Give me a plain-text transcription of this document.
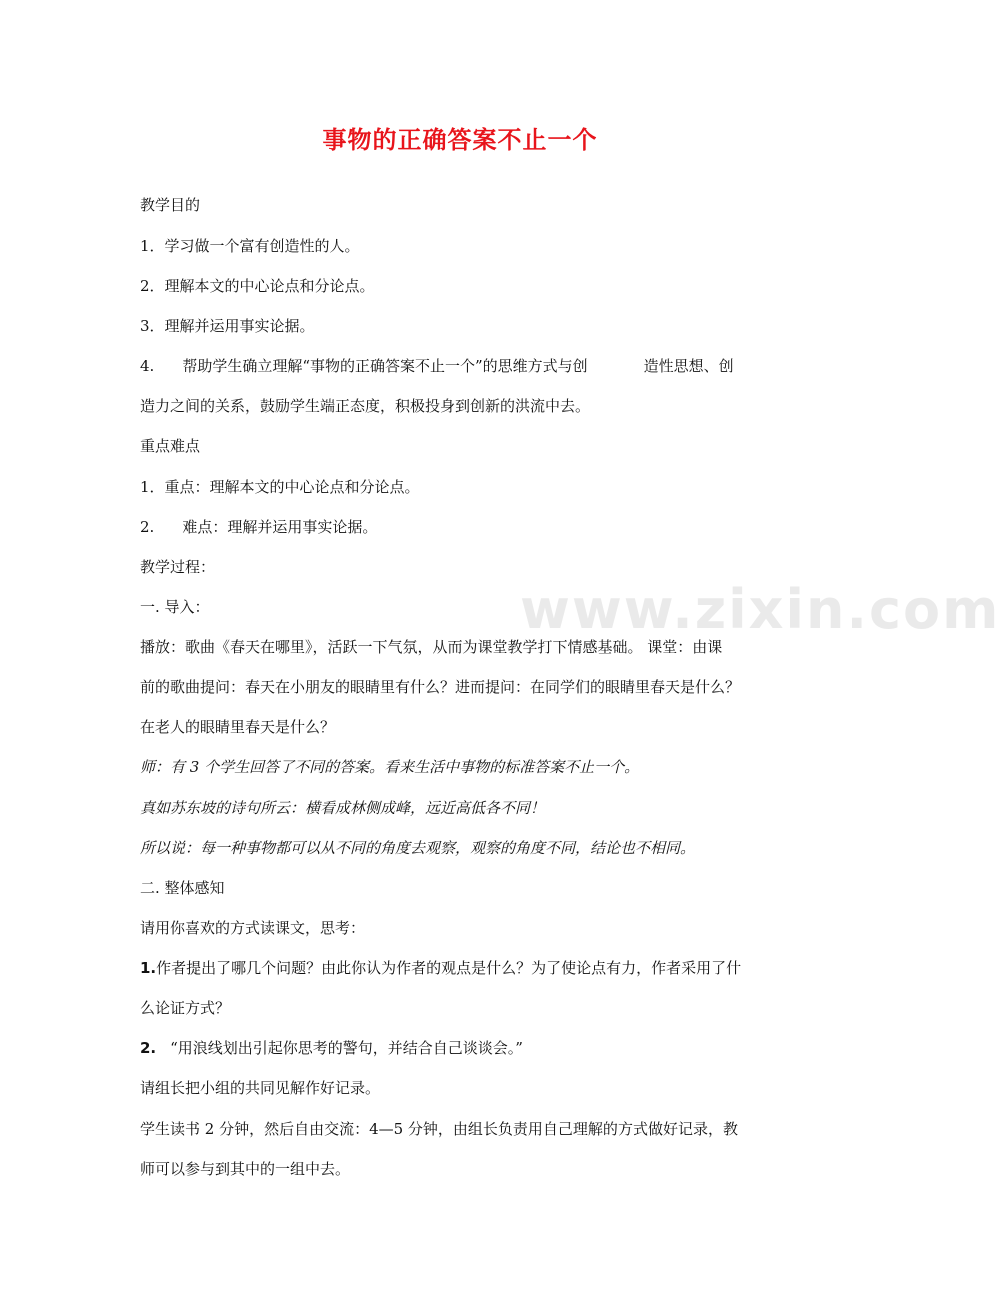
事物的正确答案不止一个
www.zixin.com
教学目的
1．学习做一个富有创造性的人。
2．理解本文的中心论点和分论点。
3．理解并运用事实论据。
4. 帮助学生确立理解“事物的正确答案不止一个”的思维方式与创	造性思想、创
造力之间的关系，鼓励学生端正态度，积极投身到创新的洪流中去。
重点难点
1．重点：理解本文的中心论点和分论点。
2. 难点：理解并运用事实论据。
教学过程：
一. 导入：
播放：歌曲《春天在哪里》，活跃一下气氛，从而为课堂教学打下情感基础。 课堂：由课
前的歌曲提问：春天在小朋友的眼睛里有什么？进而提问：在同学们的眼睛里春天是什么？
在老人的眼睛里春天是什么？
师：有 3 个学生回答了不同的答案。看来生活中事物的标准答案不止一个。
真如苏东坡的诗句所云：横看成林侧成峰，远近高低各不同！
所以说：每一种事物都可以从不同的角度去观察，观察的角度不同，结论也不相同。
二. 整体感知
请用你喜欢的方式读课文，思考：
1.作者提出了哪几个问题？由此你认为作者的观点是什么？为了使论点有力，作者采用了什
么论证方式？
2. “用浪线划出引起你思考的警句，并结合自己谈谈会。”
请组长把小组的共同见解作好记录。
学生读书 2 分钟，然后自由交流：4—5 分钟，由组长负责用自己理解的方式做好记录，教
师可以参与到其中的一组中去。
